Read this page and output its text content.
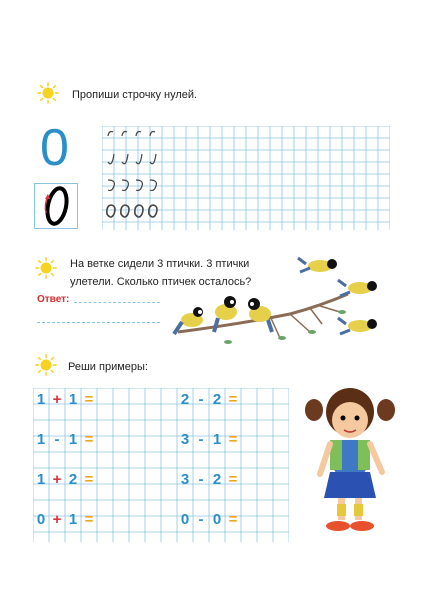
Пропиши строчку нулей.
0
На ветке сидели 3 птички. 3 птички
улетели. Сколько птичек осталось?
Ответ:
Реши примеры:
1 + 1 =	2 - 2 =
1 - 1 =	3 - 1 =
1 + 2 =	3 - 2 =
0 + 1 =	0 - 0 =
